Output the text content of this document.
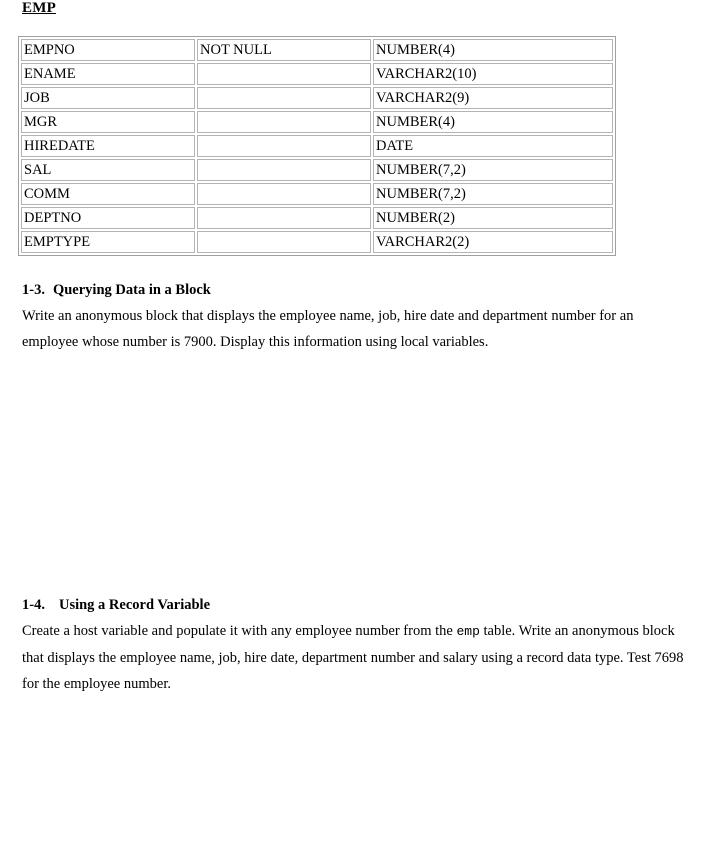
EMP
EMPNO	NOT NULL	NUMBER(4)
ENAME		VARCHAR2(10)
JOB		VARCHAR2(9)
MGR		NUMBER(4)
HIREDATE		DATE
SAL		NUMBER(7,2)
COMM		NUMBER(7,2)
DEPTNO		NUMBER(2)
EMPTYPE		VARCHAR2(2)
1-3. Querying Data in a Block
Write an anonymous block that displays the employee name, job, hire date and department number for an employee whose number is 7900. Display this information using local variables.
1-4. Using a Record Variable
Create a host variable and populate it with any employee number from the emp table. Write an anonymous block that displays the employee name, job, hire date, department number and salary using a record data type. Test 7698 for the employee number.
